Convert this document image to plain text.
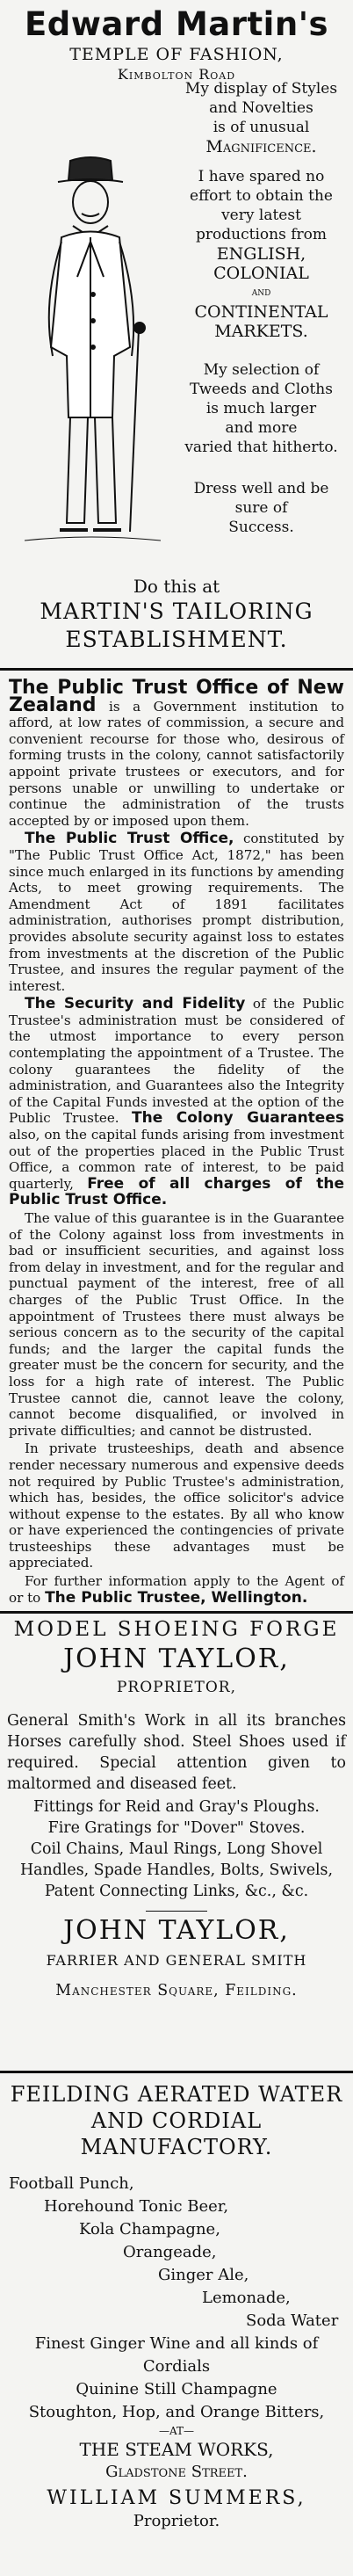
Edward Martin's
TEMPLE OF FASHION,
Kimbolton Road
My display of Styles
and Novelties
is of unusual
Magnificence.
I have spared no
effort to obtain the
very latest
productions from
ENGLISH,
COLONIAL
and
CONTINENTAL
MARKETS.
My selection of
Tweeds and Cloths
is much larger
and more
varied that hitherto.
Dress well and be
sure of
Success.
Do this at
MARTIN'S TAILORING
ESTABLISHMENT.

The Public Trust Office of New Zealand is a Government institution to afford, at low rates of commission, a secure and convenient recourse for those who, desirous of forming trusts in the colony, cannot satisfactorily appoint private trustees or executors, and for persons unable or unwilling to undertake or continue the administration of the trusts accepted by or imposed upon them.

The Public Trust Office, constituted by "The Public Trust Office Act, 1872," has been since much enlarged in its functions by amending Acts, to meet growing requirements. The Amendment Act of 1891 facilitates administration, authorises prompt distribution, provides absolute security against loss to estates from investments at the discretion of the Public Trustee, and insures the regular payment of the interest.

The Security and Fidelity of the Public Trustee's administration must be considered of the utmost importance to every person contemplating the appointment of a Trustee. The colony guarantees the fidelity of the administration, and Guarantees also the Integrity of the Capital Funds invested at the option of the Public Trustee. The Colony Guarantees also, on the capital funds arising from investment out of the properties placed in the Public Trust Office, a common rate of interest, to be paid quarterly, Free of all charges of the Public Trust Office.

The value of this guarantee is in the Guarantee of the Colony against loss from investments in bad or insufficient securities, and against loss from delay in investment, and for the regular and punctual payment of the interest, free of all charges of the Public Trust Office. In the appointment of Trustees there must always be serious concern as to the security of the capital funds; and the larger the capital funds the greater must be the concern for security, and the loss for a high rate of interest. The Public Trustee cannot die, cannot leave the colony, cannot become disqualified, or involved in private difficulties; and cannot be distrusted.

In private trusteeships, death and absence render necessary numerous and expensive deeds not required by Public Trustee's administration, which has, besides, the office solicitor's advice without expense to the estates. By all who know or have experienced the contingencies of private trusteeships these advantages must be appreciated.

For further information apply to the Agent of or to The Public Trustee, Wellington.

MODEL SHOEING FORGE
JOHN TAYLOR,
PROPRIETOR,
General Smith's Work in all its branches Horses carefully shod. Steel Shoes used if required. Special attention given to maltormed and diseased feet.
Fittings for Reid and Gray's Ploughs.
Fire Gratings for "Dover" Stoves.
Coil Chains, Maul Rings, Long Shovel Handles, Spade Handles, Bolts, Swivels, Patent Connecting Links, &c., &c.
JOHN TAYLOR,
FARRIER AND GENERAL SMITH
Manchester Square, Feilding.
FEILDING AERATED WATER AND CORDIAL MANUFACTORY.
Football Punch,
Horehound Tonic Beer,
Kola Champagne,
Orangeade,
Ginger Ale,
Lemonade,
Soda Water
Finest Ginger Wine and all kinds of Cordials
Quinine Still Champagne
Stoughton, Hop, and Orange Bitters,
—AT—
THE STEAM WORKS,
Gladstone Street.
WILLIAM SUMMERS,
Proprietor.
